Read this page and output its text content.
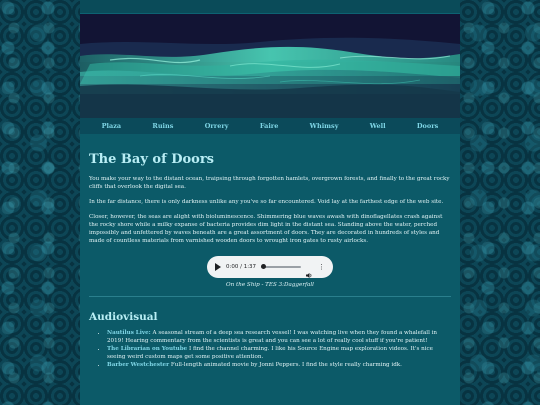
Plaza	Ruins	Orrery	Faire	Whimsy	Well	Doors
The Bay of Doors

You make your way to the distant ocean, traipsing through forgotten hamlets, overgrown forests, and finally to the great rocky cliffs that overlook the digital sea.

In the far distance, there is only darkness unlike any you've so far encountered. Void lay at the farthest edge of the web site.

Closer, however, the seas are alight with bioluminescence. Shimmering blue waves awash with dinoflagellates crash against the rocky shore while a milky expanse of bacteria provides dim light in the distant sea. Standing above the water, perched impossibly and unfettered by waves beneath are a great assortment of doors. They are decorated in hundreds of styles and made of countless materials from varnished wooden doors to wrought iron gates to rusty airlocks.

0:00 / 1:37	⋮
On the Ship - TES 3:Daggerfall
Audiovisual
• Nautilus Live: A seasonal stream of a deep sea research vessel! I was watching live when they found a whalefall in 2019! Hearing commentary from the scientists is great and you can see a lot of really cool stuff if you're patient!
• The Librarian on Youtube I find the channel charming. I like his Source Engine map exploration videos. It's nice seeing weird custom maps get some positive attention.
• Barber Westchester Full-length animated movie by Jonni Peppers. I find the style really charming idk.
